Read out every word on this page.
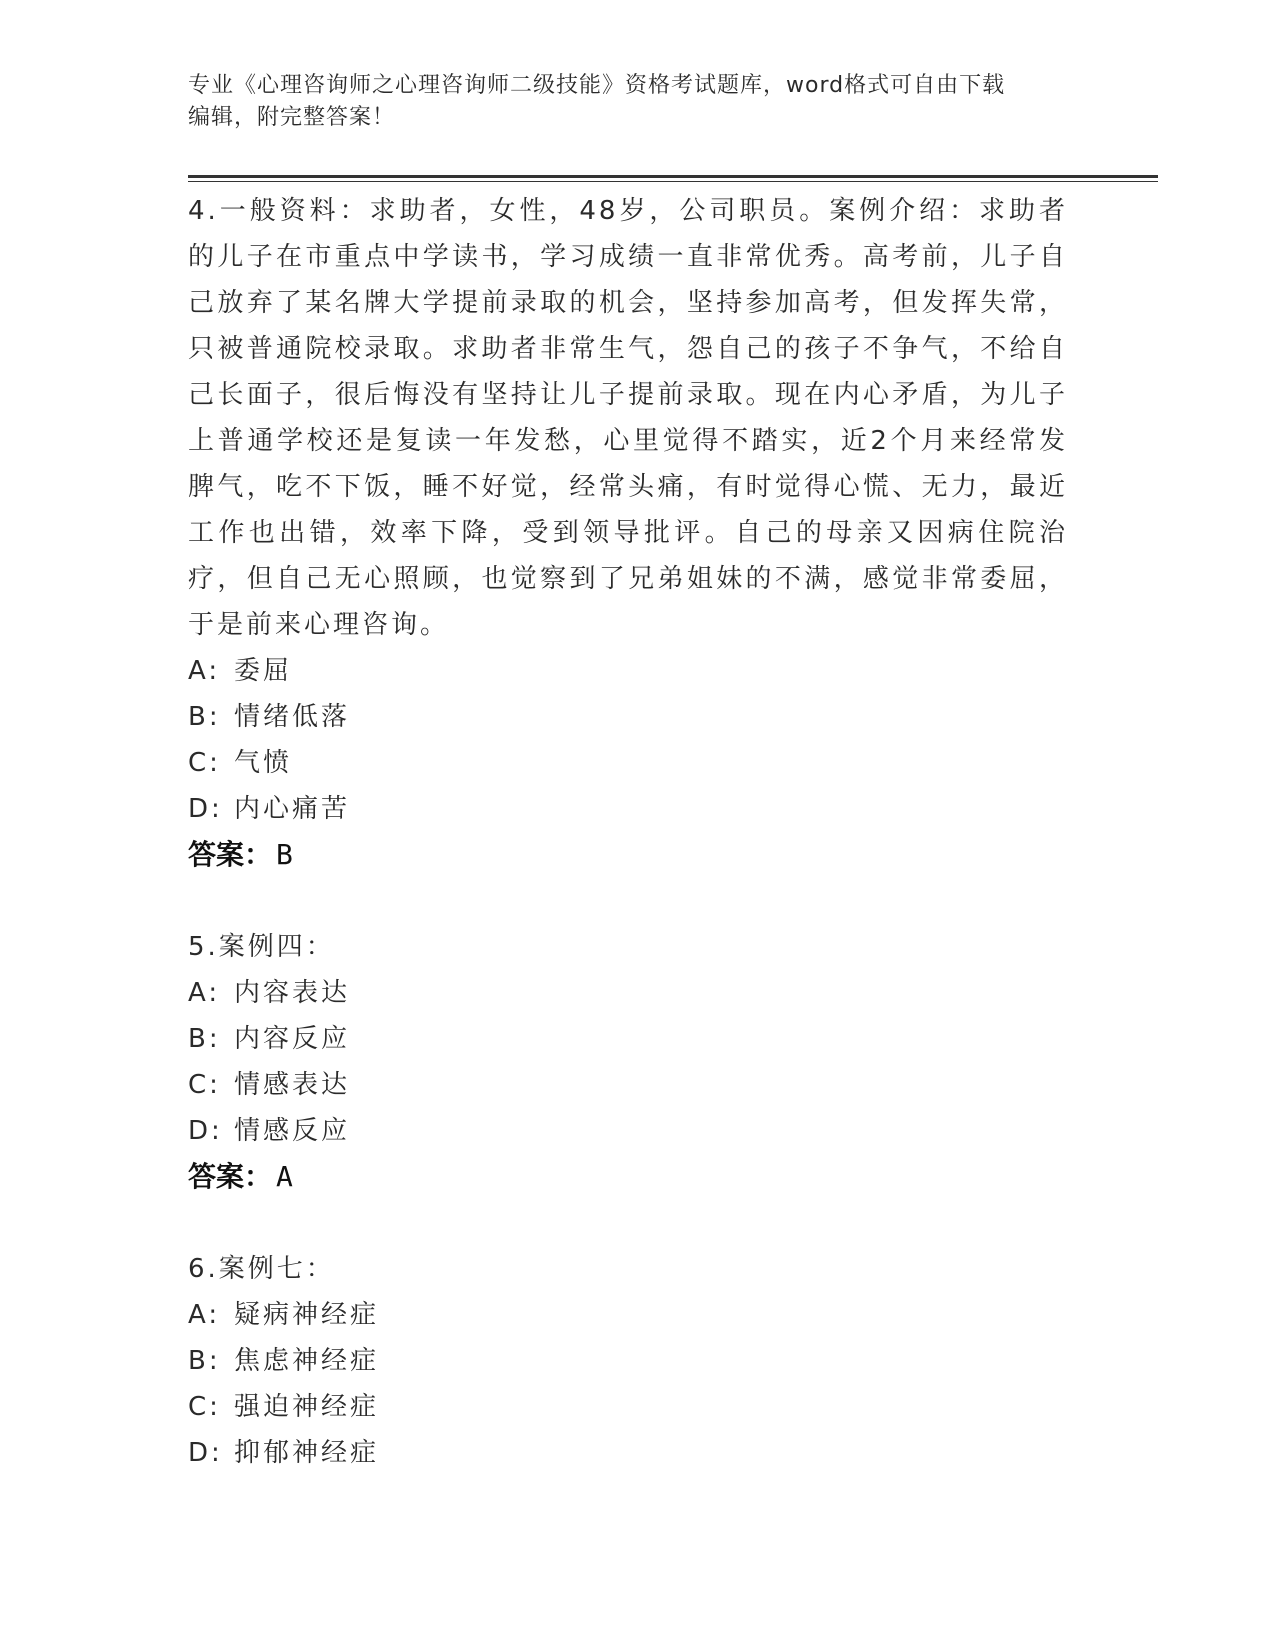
专业《心理咨询师之心理咨询师二级技能》资格考试题库，word格式可自由下载
编辑，附完整答案！

4.一般资料：求助者，女性，48岁，公司职员。案例介绍：求助者的儿子在市重点中学读书，学习成绩一直非常优秀。高考前，儿子自己放弃了某名牌大学提前录取的机会，坚持参加高考，但发挥失常，只被普通院校录取。求助者非常生气，怨自己的孩子不争气，不给自己长面子，很后悔没有坚持让儿子提前录取。现在内心矛盾，为儿子上普通学校还是复读一年发愁，心里觉得不踏实，近2个月来经常发脾气，吃不下饭，睡不好觉，经常头痛，有时觉得心慌、无力，最近工作也出错，效率下降，受到领导批评。自己的母亲又因病住院治疗，但自己无心照顾，也觉察到了兄弟姐妹的不满，感觉非常委屈，于是前来心理咨询。

A: 委屈

B: 情绪低落

C: 气愤

D: 内心痛苦

答案： B

5.案例四：

A: 内容表达

B: 内容反应

C: 情感表达

D: 情感反应

答案： A

6.案例七：

A: 疑病神经症

B: 焦虑神经症

C: 强迫神经症

D: 抑郁神经症
